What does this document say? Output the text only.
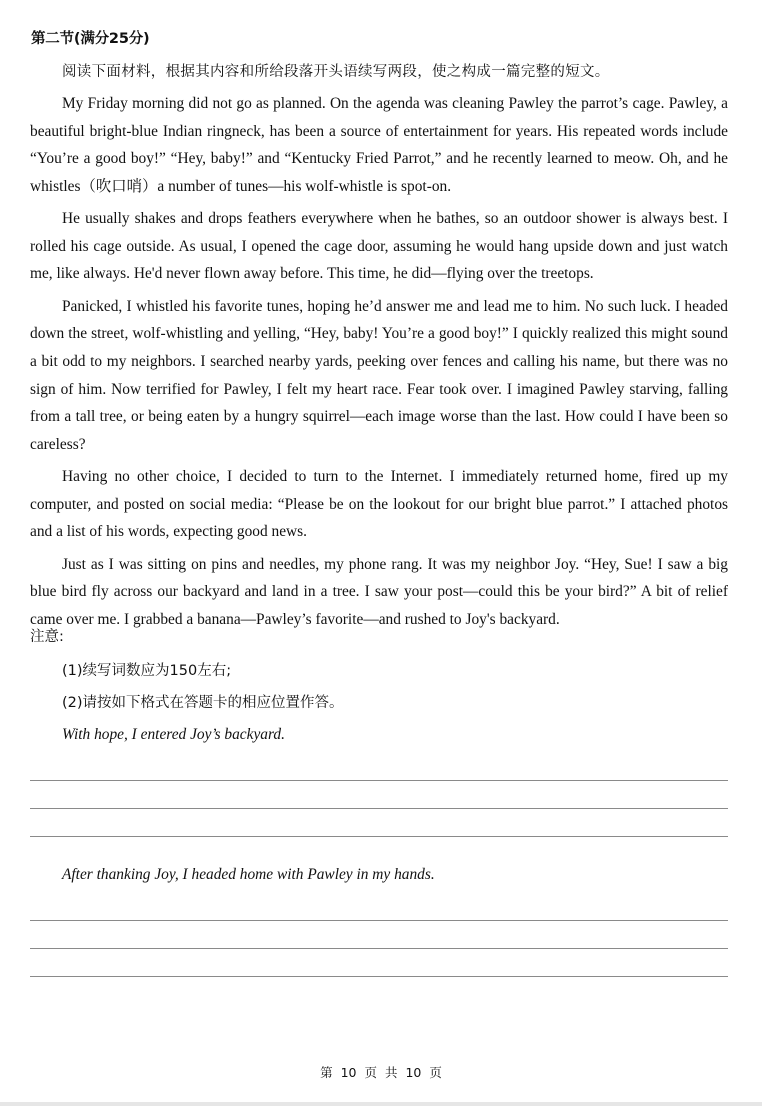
第二节(满分25分)
阅读下面材料，根据其内容和所给段落开头语续写两段，使之构成一篇完整的短文。

My Friday morning did not go as planned. On the agenda was cleaning Pawley the parrot’s cage. Pawley, a beautiful bright-blue Indian ringneck, has been a source of entertainment for years. His repeated words include “You’re a good boy!” “Hey, baby!” and “Kentucky Fried Parrot,” and he recently learned to meow. Oh, and he whistles（吹口哨）a number of tunes—his wolf-whistle is spot-on.

He usually shakes and drops feathers everywhere when he bathes, so an outdoor shower is always best. I rolled his cage outside. As usual, I opened the cage door, assuming he would hang upside down and just watch me, like always. He'd never flown away before. This time, he did—flying over the treetops.

Panicked, I whistled his favorite tunes, hoping he’d answer me and lead me to him. No such luck. I headed down the street, wolf-whistling and yelling, “Hey, baby! You’re a good boy!” I quickly realized this might sound a bit odd to my neighbors. I searched nearby yards, peeking over fences and calling his name, but there was no sign of him. Now terrified for Pawley, I felt my heart race. Fear took over. I imagined Pawley starving, falling from a tall tree, or being eaten by a hungry squirrel—each image worse than the last. How could I have been so careless?

Having no other choice, I decided to turn to the Internet. I immediately returned home, fired up my computer, and posted on social media: “Please be on the lookout for our bright blue parrot.” I attached photos and a list of his words, expecting good news.

Just as I was sitting on pins and needles, my phone rang. It was my neighbor Joy. “Hey, Sue! I saw a big blue bird fly across our backyard and land in a tree. I saw your post—could this be your bird?” A bit of relief came over me. I grabbed a banana—Pawley’s favorite—and rushed to Joy's backyard.

注意:
(1)续写词数应为150左右;
(2)请按如下格式在答题卡的相应位置作答。
With hope, I entered Joy’s backyard.
After thanking Joy, I headed home with Pawley in my hands.
第 10 页 共 10 页
